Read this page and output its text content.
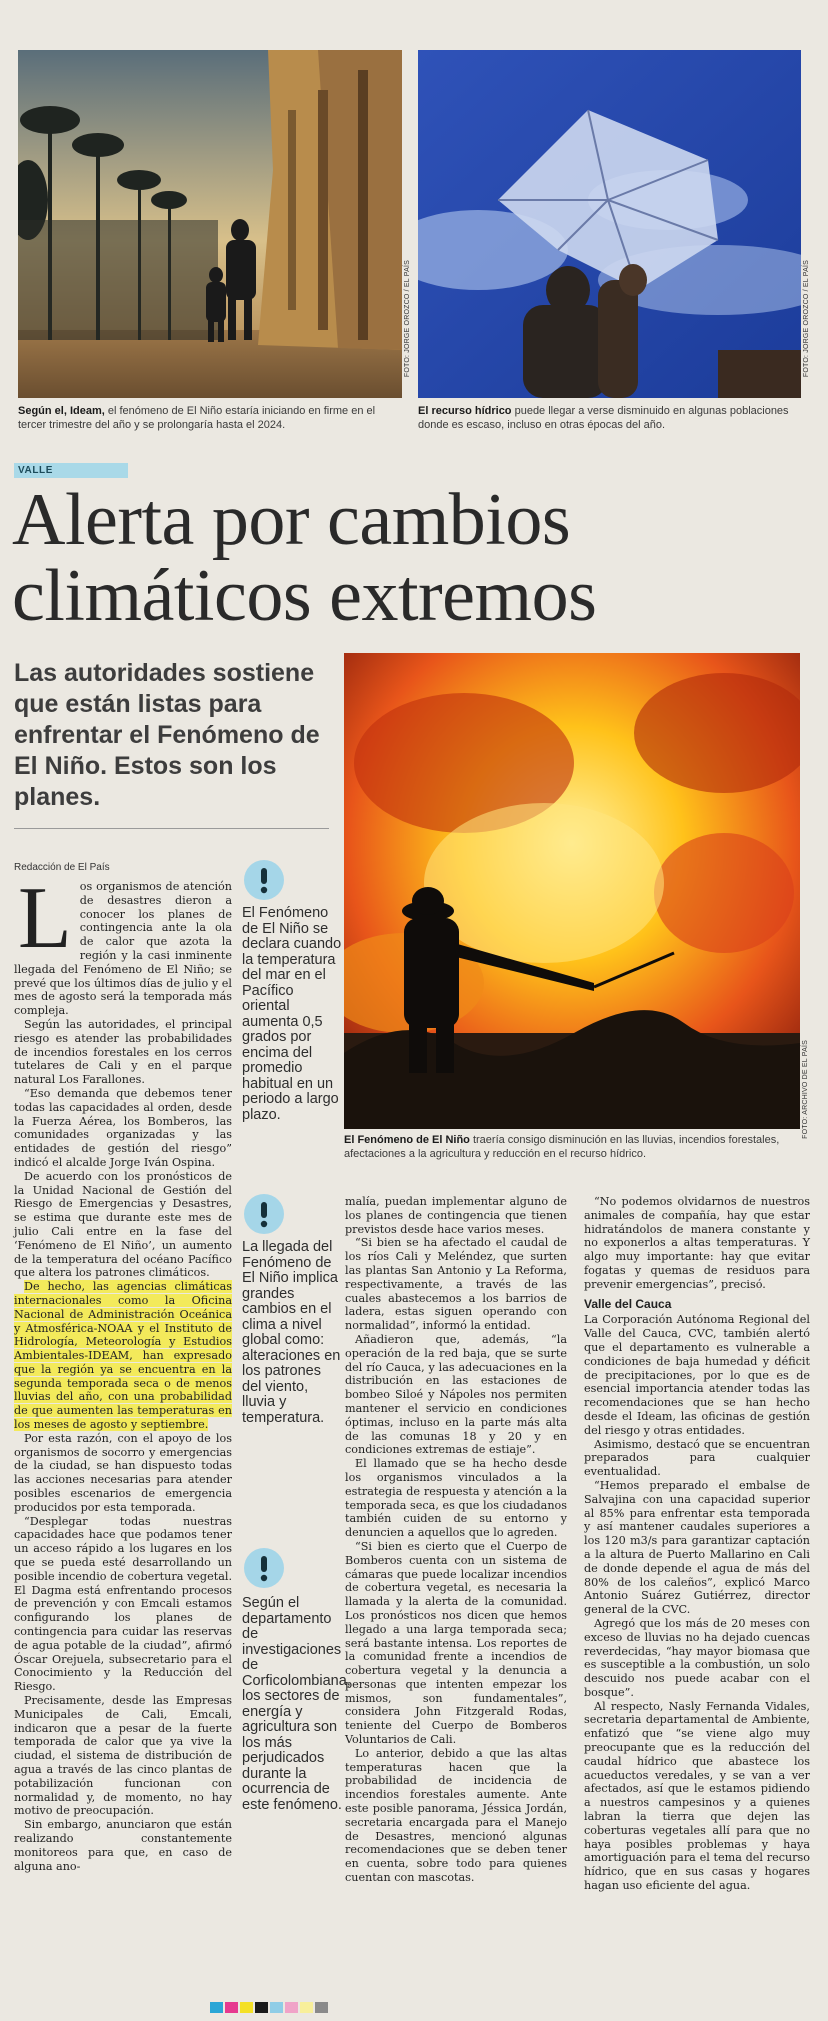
FOTO: JORGE OROZCO / EL PAÍS	FOTO: JORGE OROZCO / EL PAÍS
Según el, Ideam, el fenómeno de El Niño estaría iniciando en firme en el tercer trimestre del año y se prolongaría hasta el 2024.
El recurso hídrico puede llegar a verse disminuido en algunas poblaciones donde es escaso, incluso en otras épocas del año.
VALLE
Alerta por cambios
climáticos extremos
Las autoridades sostiene que están listas para enfrentar el Fenómeno de El Niño. Estos son los planes.
Redacción de El País
FOTO: ARCHIVO DE EL PAÍS
El Fenómeno de El Niño traería consigo disminución en las lluvias, incendios forestales, afectaciones a la agricultura y reducción en el recurso hídrico.
L os organismos de atención de desastres dieron a conocer los planes de contingencia ante la ola de calor que azota la región y la casi inminente llegada del Fenómeno de El Niño; se prevé que los últimos días de julio y el mes de agosto será la temporada más compleja.

Según las autoridades, el principal riesgo es atender las probabilidades de incendios forestales en los cerros tutelares de Cali y en el parque natural Los Farallones.

“Eso demanda que debemos tener todas las capacidades al orden, desde la Fuerza Aérea, los Bomberos, las comunidades organizadas y las entidades de gestión del riesgo” indicó el alcalde Jorge Iván Ospina.

De acuerdo con los pronósticos de la Unidad Nacional de Gestión del Riesgo de Emergencias y Desastres, se estima que durante este mes de julio Cali entre en la fase del ‘Fenómeno de El Niño’, un aumento de la temperatura del océano Pacífico que altera los patrones climáticos.

De hecho, las agencias climáticas internacionales como la Oficina Nacional de Administración Oceánica y Atmosférica-NOAA y el Instituto de Hidrología, Meteorología y Estudios Ambientales-IDEAM, han expresado que la región ya se encuentra en la segunda temporada seca o de menos lluvias del año, con una probabilidad de que aumenten las temperaturas en los meses de agosto y septiembre.

Por esta razón, con el apoyo de los organismos de socorro y emergencias de la ciudad, se han dispuesto todas las acciones necesarias para atender posibles escenarios de emergencia producidos por esta temporada.

“Desplegar todas nuestras capacidades hace que podamos tener un acceso rápido a los lugares en los que se pueda esté desarrollando un posible incendio de cobertura vegetal. El Dagma está enfrentando procesos de prevención y con Emcali estamos configurando los planes de contingencia para cuidar las reservas de agua potable de la ciudad”, afirmó Óscar Orejuela, subsecretario para el Conocimiento y la Reducción del Riesgo.

Precisamente, desde las Empresas Municipales de Cali, Emcali, indicaron que a pesar de la fuerte temporada de calor que ya vive la ciudad, el sistema de distribución de agua a través de las cinco plantas de potabilización funcionan con normalidad y, de momento, no hay motivo de preocupación.

Sin embargo, anunciaron que están realizando constantemente monitoreos para que, en caso de alguna ano-

El Fenómeno de El Niño se declara cuando la temperatura del mar en el Pacífico oriental aumenta 0,5 grados por encima del promedio habitual en un periodo a largo plazo.
La llegada del Fenómeno de El Niño implica grandes cambios en el clima a nivel global como: alteraciones en los patrones del viento, lluvia y temperatura.
Según el departamento de investigaciones de Corficolombiana, los sectores de energía y agricultura son los más perjudicados durante la ocurrencia de este fenómeno.

malía, puedan implementar alguno de los planes de contingencia que tienen previstos desde hace varios meses.

“Si bien se ha afectado el caudal de los ríos Cali y Meléndez, que surten las plantas San Antonio y La Reforma, respectivamente, a través de las cuales abastecemos a los barrios de ladera, estas siguen operando con normalidad”, informó la entidad.

Añadieron que, además, “la operación de la red baja, que se surte del río Cauca, y las adecuaciones en la distribución en las estaciones de bombeo Siloé y Nápoles nos permiten mantener el servicio en condiciones óptimas, incluso en la parte más alta de las comunas 18 y 20 y en condiciones extremas de estiaje”.

El llamado que se ha hecho desde los organismos vinculados a la estrategia de respuesta y atención a la temporada seca, es que los ciudadanos también cuiden de su entorno y denuncien a aquellos que lo agreden.

“Si bien es cierto que el Cuerpo de Bomberos cuenta con un sistema de cámaras que puede localizar incendios de cobertura vegetal, es necesaria la llamada y la alerta de la comunidad. Los pronósticos nos dicen que hemos llegado a una larga temporada seca; será bastante intensa. Los reportes de la comunidad frente a incendios de cobertura vegetal y la denuncia a personas que intenten empezar los mismos, son fundamentales”, considera John Fitzgerald Rodas, teniente del Cuerpo de Bomberos Voluntarios de Cali.

Lo anterior, debido a que las altas temperaturas hacen que la probabilidad de incidencia de incendios forestales aumente. Ante este posible panorama, Jéssica Jordán, secretaria encargada para el Manejo de Desastres, mencionó algunas recomendaciones que se deben tener en cuenta, sobre todo para quienes cuentan con mascotas.

“No podemos olvidarnos de nuestros animales de compañía, hay que estar hidratándolos de manera constante y no exponerlos a altas temperaturas. Y algo muy importante: hay que evitar fogatas y quemas de residuos para prevenir emergencias”, precisó.

Valle del Cauca

La Corporación Autónoma Regional del Valle del Cauca, CVC, también alertó que el departamento es vulnerable a condiciones de baja humedad y déficit de precipitaciones, por lo que es de esencial importancia atender todas las recomendaciones que se han hecho desde el Ideam, las oficinas de gestión del riesgo y otras entidades.

Asimismo, destacó que se encuentran preparados para cualquier eventualidad.

“Hemos preparado el embalse de Salvajina con una capacidad superior al 85% para enfrentar esta temporada y así mantener caudales superiores a los 120 m3/s para garantizar captación a la altura de Puerto Mallarino en Cali de donde depende el agua de más del 80% de los caleños”, explicó Marco Antonio Suárez Gutiérrez, director general de la CVC.

Agregó que los más de 20 meses con exceso de lluvias no ha dejado cuencas reverdecidas, “hay mayor biomasa que es susceptible a la combustión, un solo descuido nos puede acabar con el bosque”.

Al respecto, Nasly Fernanda Vidales, secretaria departamental de Ambiente, enfatizó que “se viene algo muy preocupante que es la reducción del caudal hídrico que abastece los acueductos veredales, y se van a ver afectados, así que le estamos pidiendo a nuestros campesinos y a quienes labran la tierra que dejen las coberturas vegetales allí para que no haya posibles problemas y haya amortiguación para el tema del recurso hídrico, que en sus casas y hogares hagan uso eficiente del agua.
